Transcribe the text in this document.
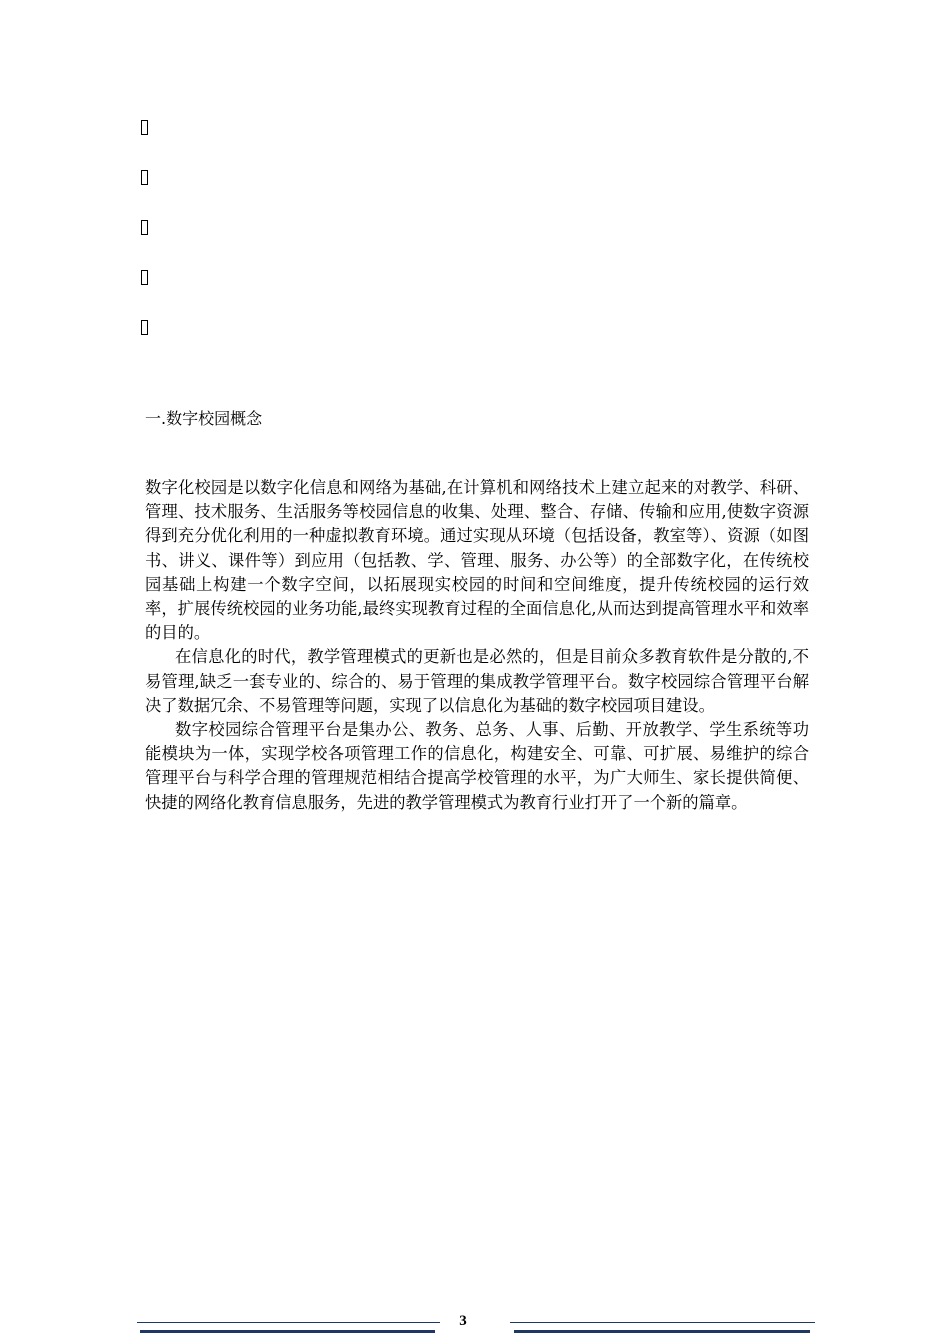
一.数字校园概念

数字化校园是以数字化信息和网络为基础,在计算机和网络技术上建立起来的对教学、科研、管理、技术服务、生活服务等校园信息的收集、处理、整合、存储、传输和应用,使数字资源得到充分优化利用的一种虚拟教育环境。通过实现从环境（包括设备，教室等）、资源（如图书、讲义、课件等）到应用（包括教、学、管理、服务、办公等）的全部数字化，在传统校园基础上构建一个数字空间，以拓展现实校园的时间和空间维度，提升传统校园的运行效率，扩展传统校园的业务功能,最终实现教育过程的全面信息化,从而达到提高管理水平和效率的目的。

在信息化的时代，教学管理模式的更新也是必然的，但是目前众多教育软件是分散的,不易管理,缺乏一套专业的、综合的、易于管理的集成教学管理平台。数字校园综合管理平台解决了数据冗余、不易管理等问题，实现了以信息化为基础的数字校园项目建设。

数字校园综合管理平台是集办公、教务、总务、人事、后勤、开放教学、学生系统等功能模块为一体，实现学校各项管理工作的信息化，构建安全、可靠、可扩展、易维护的综合管理平台与科学合理的管理规范相结合提高学校管理的水平，为广大师生、家长提供简便、快捷的网络化教育信息服务，先进的教学管理模式为教育行业打开了一个新的篇章。

3
